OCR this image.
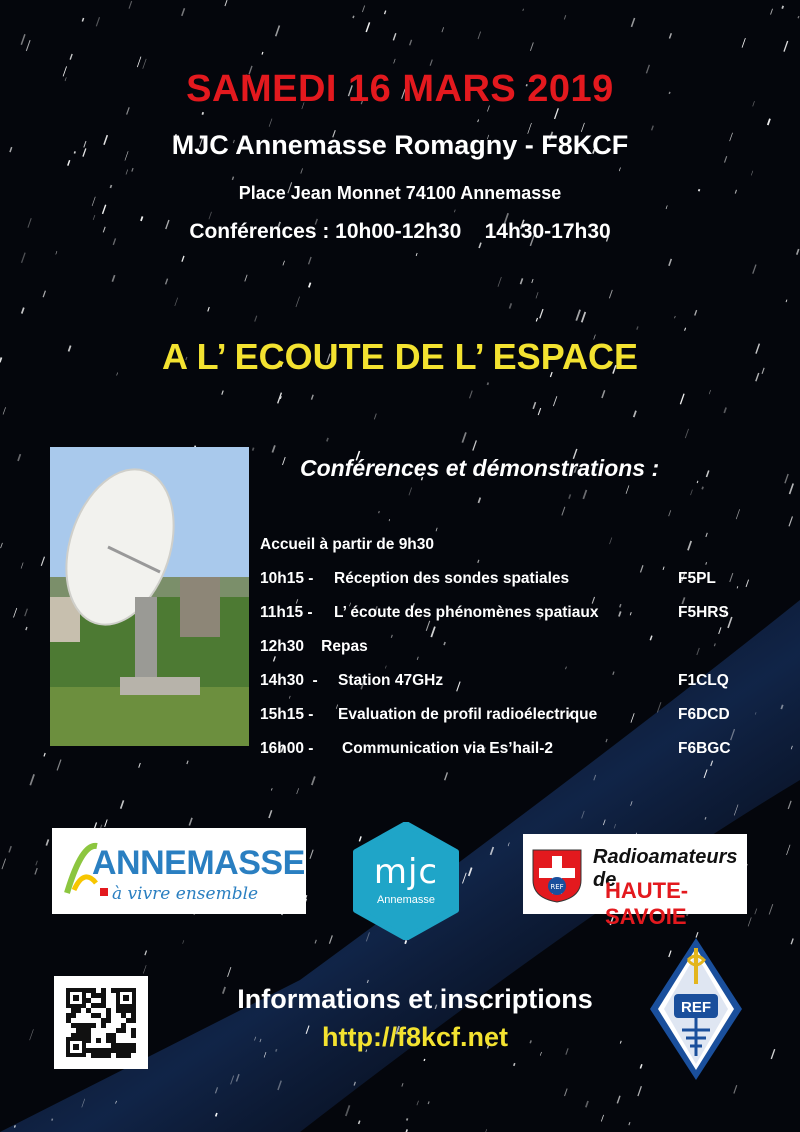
SAMEDI 16 MARS 2019
MJC Annemasse Romagny - F8KCF
Place Jean Monnet 74100 Annemasse
Conférences : 10h00-12h30    14h30-17h30
A L’ ECOUTE DE L’ ESPACE
Conférences et démonstrations :
Accueil à partir de 9h30
10h15 - Réception des sondes spatiales	F5PL
11h15 - L’ écoute des phénomènes spatiaux	F5HRS
12h30    Repas
14h30  - Station 47GHz	F1CLQ
15h15 - Evaluation de profil radioélectrique	F6DCD
16h00 - Communication via Es’hail-2	F6BGC
ANNEMASSE
à vivre ensemble
mjc
Annemasse
REF
Radioamateurs de
HAUTE-SAVOIE
Informations et inscriptions
http://f8kcf.net
REF
